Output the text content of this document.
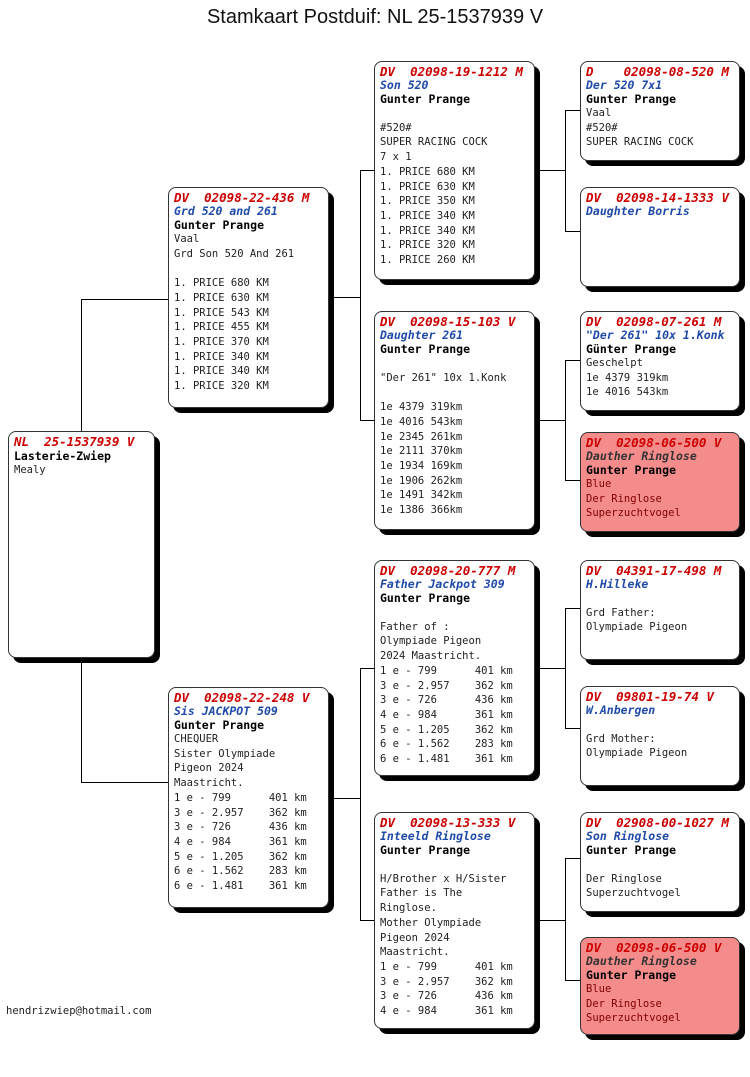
Stamkaart Postduif: NL 25-1537939 V
NL  25-1537939 V
Lasterie-Zwiep
Mealy
DV  02098-22-436 M
Grd 520 and 261
Gunter Prange
Vaal
Grd Son 520 And 261

1. PRICE 680 KM
1. PRICE 630 KM
1. PRICE 543 KM
1. PRICE 455 KM
1. PRICE 370 KM
1. PRICE 340 KM
1. PRICE 340 KM
1. PRICE 320 KM
DV  02098-22-248 V
Sis JACKPOT 509
Gunter Prange
CHEQUER
Sister Olympiade
Pigeon 2024
Maastricht.
1 e - 799      401 km
3 e - 2.957    362 km
3 e - 726      436 km
4 e - 984      361 km
5 e - 1.205    362 km
6 e - 1.562    283 km
6 e - 1.481    361 km
DV  02098-19-1212 M
Son 520
Gunter Prange

#520#
SUPER RACING COCK
7 x 1
1. PRICE 680 KM
1. PRICE 630 KM
1. PRICE 350 KM
1. PRICE 340 KM
1. PRICE 340 KM
1. PRICE 320 KM
1. PRICE 260 KM
DV  02098-15-103 V
Daughter 261
Gunter Prange

"Der 261" 10x 1.Konk

1e 4379 319km
1e 4016 543km
1e 2345 261km
1e 2111 370km
1e 1934 169km
1e 1906 262km
1e 1491 342km
1e 1386 366km
DV  02098-20-777 M
Father Jackpot 309
Gunter Prange

Father of :
Olympiade Pigeon
2024 Maastricht.
1 e - 799      401 km
3 e - 2.957    362 km
3 e - 726      436 km
4 e - 984      361 km
5 e - 1.205    362 km
6 e - 1.562    283 km
6 e - 1.481    361 km
DV  02098-13-333 V
Inteeld Ringlose
Gunter Prange

H/Brother x H/Sister
Father is The
Ringlose.
Mother Olympiade
Pigeon 2024
Maastricht.
1 e - 799      401 km
3 e - 2.957    362 km
3 e - 726      436 km
4 e - 984      361 km
D    02098-08-520 M
Der 520 7x1
Gunter Prange
Vaal
#520#
SUPER RACING COCK
DV  02098-14-1333 V
Daughter Borris
DV  02098-07-261 M
"Der 261" 10x 1.Konk
Günter Prange
Geschelpt
1e 4379 319km
1e 4016 543km
DV  02098-06-500 V
Dauther Ringlose
Gunter Prange
Blue
Der Ringlose
Superzuchtvogel
DV  04391-17-498 M
H.Hilleke

Grd Father:
Olympiade Pigeon
DV  09801-19-74 V
W.Anbergen

Grd Mother:
Olympiade Pigeon
DV  02908-00-1027 M
Son Ringlose
Gunter Prange

Der Ringlose
Superzuchtvogel
DV  02098-06-500 V
Dauther Ringlose
Gunter Prange
Blue
Der Ringlose
Superzuchtvogel
hendrizwiep@hotmail.com
